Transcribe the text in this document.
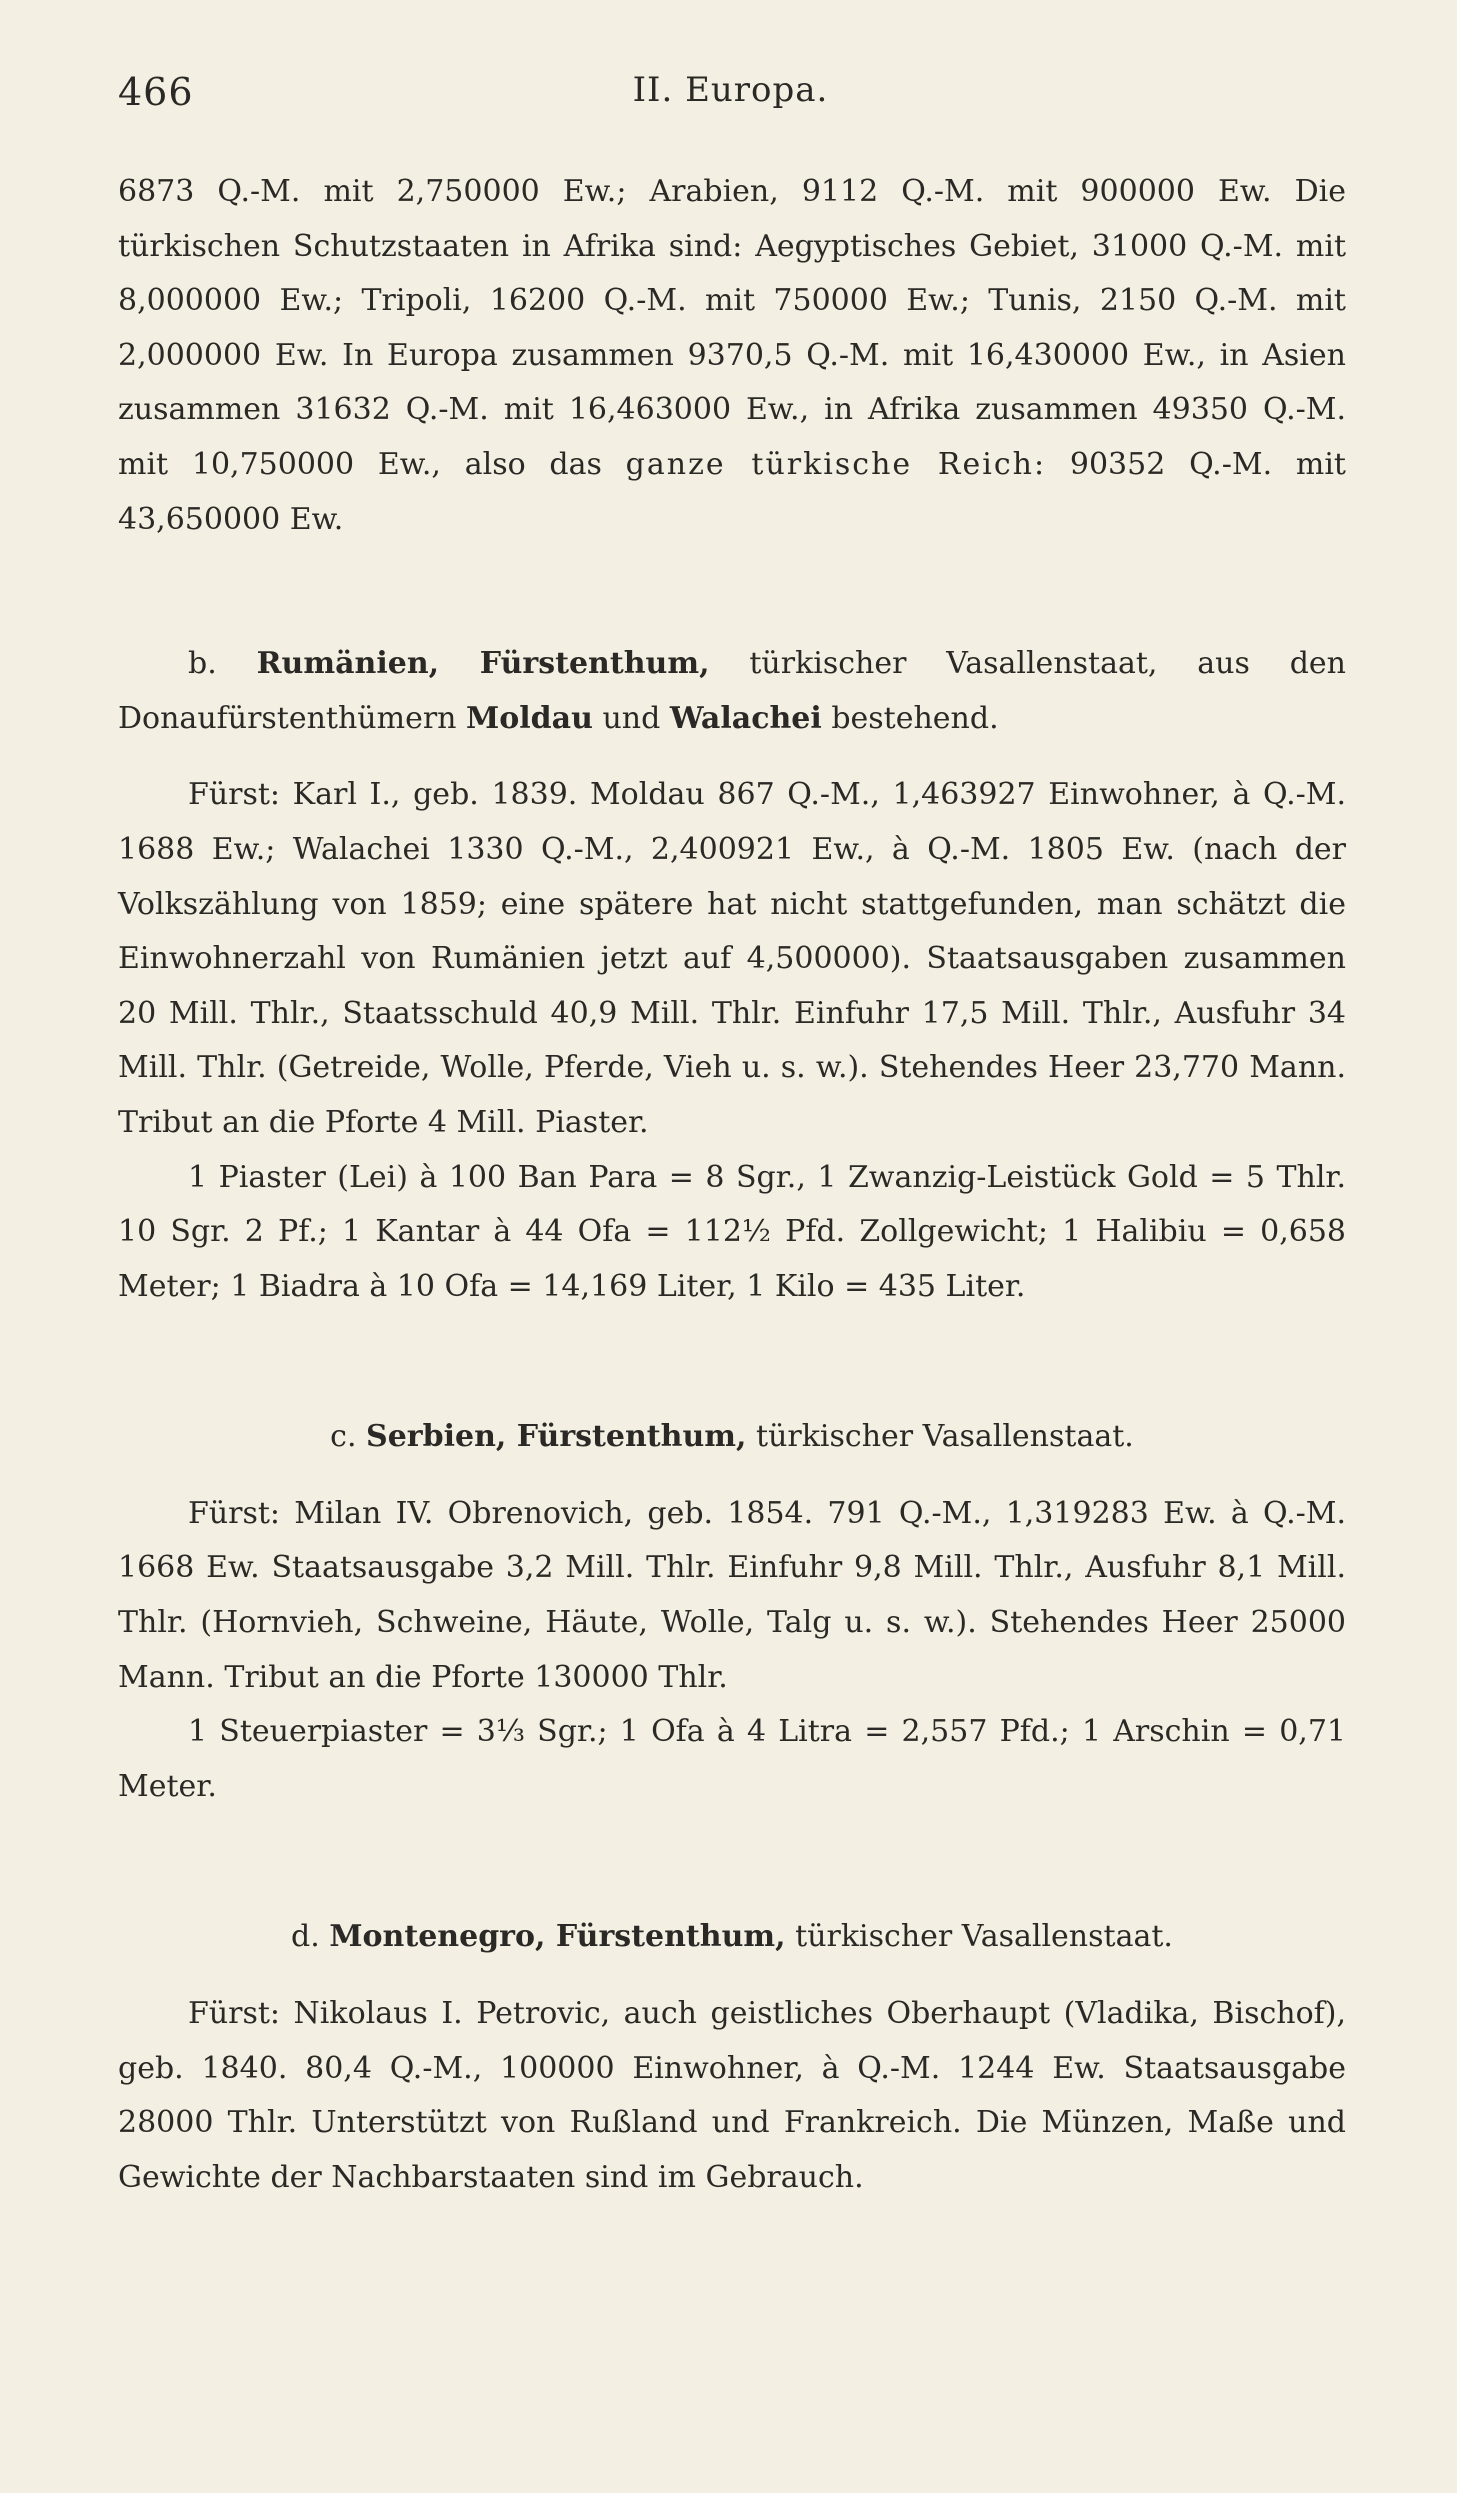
466	II. Europa.

6873 Q.-M. mit 2,750000 Ew.; Arabien, 9112 Q.-M. mit 900000 Ew. Die türkischen Schutzstaaten in Afrika sind: Aegyptisches Gebiet, 31000 Q.-M. mit 8,000000 Ew.; Tripoli, 16200 Q.-M. mit 750000 Ew.; Tunis, 2150 Q.-M. mit 2,000000 Ew. In Europa zusammen 9370,5 Q.-M. mit 16,430000 Ew., in Asien zusammen 31632 Q.-M. mit 16,463000 Ew., in Afrika zusammen 49350 Q.-M. mit 10,750000 Ew., also das ganze türkische Reich: 90352 Q.-M. mit 43,650000 Ew.

b. Rumänien, Fürstenthum, türkischer Vasallenstaat, aus den Donaufürstenthümern Moldau und Walachei bestehend.

Fürst: Karl I., geb. 1839. Moldau 867 Q.-M., 1,463927 Einwohner, à Q.-M. 1688 Ew.; Walachei 1330 Q.-M., 2,400921 Ew., à Q.-M. 1805 Ew. (nach der Volkszählung von 1859; eine spätere hat nicht stattgefunden, man schätzt die Einwohnerzahl von Rumänien jetzt auf 4,500000). Staatsausgaben zusammen 20 Mill. Thlr., Staatsschuld 40,9 Mill. Thlr. Einfuhr 17,5 Mill. Thlr., Ausfuhr 34 Mill. Thlr. (Getreide, Wolle, Pferde, Vieh u. s. w.). Stehendes Heer 23,770 Mann. Tribut an die Pforte 4 Mill. Piaster.

1 Piaster (Lei) à 100 Ban Para = 8 Sgr., 1 Zwanzig-Leistück Gold = 5 Thlr. 10 Sgr. 2 Pf.; 1 Kantar à 44 Ofa = 112½ Pfd. Zollgewicht; 1 Halibiu = 0,658 Meter; 1 Biadra à 10 Ofa = 14,169 Liter, 1 Kilo = 435 Liter.

c. Serbien, Fürstenthum, türkischer Vasallenstaat.

Fürst: Milan IV. Obrenovich, geb. 1854. 791 Q.-M., 1,319283 Ew. à Q.-M. 1668 Ew. Staatsausgabe 3,2 Mill. Thlr. Einfuhr 9,8 Mill. Thlr., Ausfuhr 8,1 Mill. Thlr. (Hornvieh, Schweine, Häute, Wolle, Talg u. s. w.). Stehendes Heer 25000 Mann. Tribut an die Pforte 130000 Thlr.

1 Steuerpiaster = 3⅓ Sgr.; 1 Ofa à 4 Litra = 2,557 Pfd.; 1 Arschin = 0,71 Meter.

d. Montenegro, Fürstenthum, türkischer Vasallenstaat.

Fürst: Nikolaus I. Petrovic, auch geistliches Oberhaupt (Vladika, Bischof), geb. 1840. 80,4 Q.-M., 100000 Einwohner, à Q.-M. 1244 Ew. Staatsausgabe 28000 Thlr. Unterstützt von Rußland und Frankreich. Die Münzen, Maße und Gewichte der Nachbarstaaten sind im Gebrauch.
